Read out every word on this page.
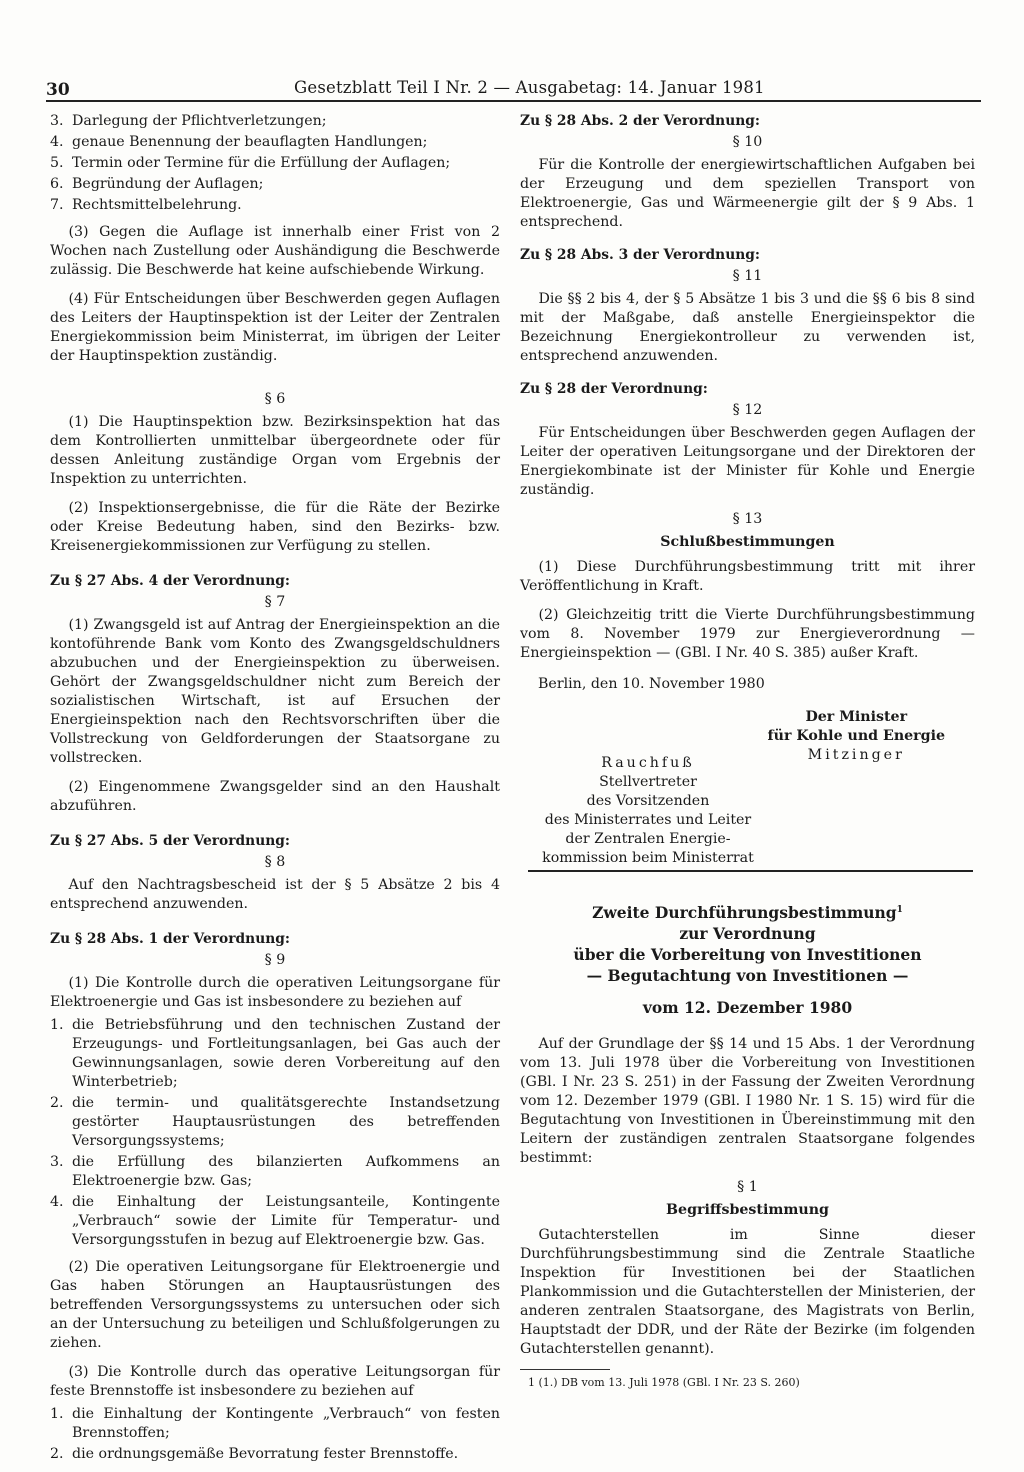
30	Gesetzblatt Teil I Nr. 2 — Ausgabetag: 14. Januar 1981
3. Darlegung der Pflichtverletzungen;
4. genaue Benennung der beauflagten Handlungen;
5. Termin oder Termine für die Erfüllung der Auflagen;
6. Begründung der Auflagen;
7. Rechtsmittelbelehrung.

(3) Gegen die Auflage ist innerhalb einer Frist von 2 Wochen nach Zustellung oder Aushändigung die Beschwerde zulässig. Die Beschwerde hat keine aufschiebende Wirkung.

(4) Für Entscheidungen über Beschwerden gegen Auflagen des Leiters der Hauptinspektion ist der Leiter der Zentralen Energiekommission beim Ministerrat, im übrigen der Leiter der Hauptinspektion zuständig.

§ 6

(1) Die Hauptinspektion bzw. Bezirksinspektion hat das dem Kontrollierten unmittelbar übergeordnete oder für dessen Anleitung zuständige Organ vom Ergebnis der Inspektion zu unterrichten.

(2) Inspektionsergebnisse, die für die Räte der Bezirke oder Kreise Bedeutung haben, sind den Bezirks- bzw. Kreisenergiekommissionen zur Verfügung zu stellen.

Zu § 27 Abs. 4 der Verordnung:
§ 7

(1) Zwangsgeld ist auf Antrag der Energieinspektion an die kontoführende Bank vom Konto des Zwangsgeldschuldners abzubuchen und der Energieinspektion zu überweisen. Gehört der Zwangsgeldschuldner nicht zum Bereich der sozialistischen Wirtschaft, ist auf Ersuchen der Energieinspektion nach den Rechtsvorschriften über die Vollstreckung von Geldforderungen der Staatsorgane zu vollstrecken.

(2) Eingenommene Zwangsgelder sind an den Haushalt abzuführen.

Zu § 27 Abs. 5 der Verordnung:
§ 8

Auf den Nachtragsbescheid ist der § 5 Absätze 2 bis 4 entsprechend anzuwenden.

Zu § 28 Abs. 1 der Verordnung:
§ 9

(1) Die Kontrolle durch die operativen Leitungsorgane für Elektroenergie und Gas ist insbesondere zu beziehen auf

1. die Betriebsführung und den technischen Zustand der Erzeugungs- und Fortleitungsanlagen, bei Gas auch der Gewinnungsanlagen, sowie deren Vorbereitung auf den Winterbetrieb;
2. die termin- und qualitätsgerechte Instandsetzung gestörter Hauptausrüstungen des betreffenden Versorgungssystems;
3. die Erfüllung des bilanzierten Aufkommens an Elektroenergie bzw. Gas;
4. die Einhaltung der Leistungsanteile, Kontingente „Verbrauch“ sowie der Limite für Temperatur- und Versorgungsstufen in bezug auf Elektroenergie bzw. Gas.

(2) Die operativen Leitungsorgane für Elektroenergie und Gas haben Störungen an Hauptausrüstungen des betreffenden Versorgungssystems zu untersuchen oder sich an der Untersuchung zu beteiligen und Schlußfolgerungen zu ziehen.

(3) Die Kontrolle durch das operative Leitungsorgan für feste Brennstoffe ist insbesondere zu beziehen auf

1. die Einhaltung der Kontingente „Verbrauch“ von festen Brennstoffen;
2. die ordnungsgemäße Bevorratung fester Brennstoffe.
Zu § 28 Abs. 2 der Verordnung:
§ 10

Für die Kontrolle der energiewirtschaftlichen Aufgaben bei der Erzeugung und dem speziellen Transport von Elektroenergie, Gas und Wärmeenergie gilt der § 9 Abs. 1 entsprechend.

Zu § 28 Abs. 3 der Verordnung:
§ 11

Die §§ 2 bis 4, der § 5 Absätze 1 bis 3 und die §§ 6 bis 8 sind mit der Maßgabe, daß anstelle Energieinspektor die Bezeichnung Energiekontrolleur zu verwenden ist, entsprechend anzuwenden.

Zu § 28 der Verordnung:
§ 12

Für Entscheidungen über Beschwerden gegen Auflagen der Leiter der operativen Leitungsorgane und der Direktoren der Energiekombinate ist der Minister für Kohle und Energie zuständig.

§ 13
Schlußbestimmungen

(1) Diese Durchführungsbestimmung tritt mit ihrer Veröffentlichung in Kraft.

(2) Gleichzeitig tritt die Vierte Durchführungsbestimmung vom 8. November 1979 zur Energieverordnung — Energieinspektion — (GBl. I Nr. 40 S. 385) außer Kraft.

Berlin, den 10. November 1980
Der Minister
für Kohle und Energie
Mitzinger
Rauchfuß
Stellvertreter
des Vorsitzenden
des Ministerrates und Leiter
der Zentralen Energie-
kommission beim Ministerrat
Zweite Durchführungsbestimmung$^1$
zur Verordnung
über die Vorbereitung von Investitionen
— Begutachtung von Investitionen —
vom 12. Dezember 1980

Auf der Grundlage der §§ 14 und 15 Abs. 1 der Verordnung vom 13. Juli 1978 über die Vorbereitung von Investitionen (GBl. I Nr. 23 S. 251) in der Fassung der Zweiten Verordnung vom 12. Dezember 1979 (GBl. I 1980 Nr. 1 S. 15) wird für die Begutachtung von Investitionen in Übereinstimmung mit den Leitern der zuständigen zentralen Staatsorgane folgendes bestimmt:

§ 1
Begriffsbestimmung

Gutachterstellen im Sinne dieser Durchführungsbestimmung sind die Zentrale Staatliche Inspektion für Investitionen bei der Staatlichen Plankommission und die Gutachterstellen der Ministerien, der anderen zentralen Staatsorgane, des Magistrats von Berlin, Hauptstadt der DDR, und der Räte der Bezirke (im folgenden Gutachterstellen genannt).

1 (1.) DB vom 13. Juli 1978 (GBl. I Nr. 23 S. 260)
